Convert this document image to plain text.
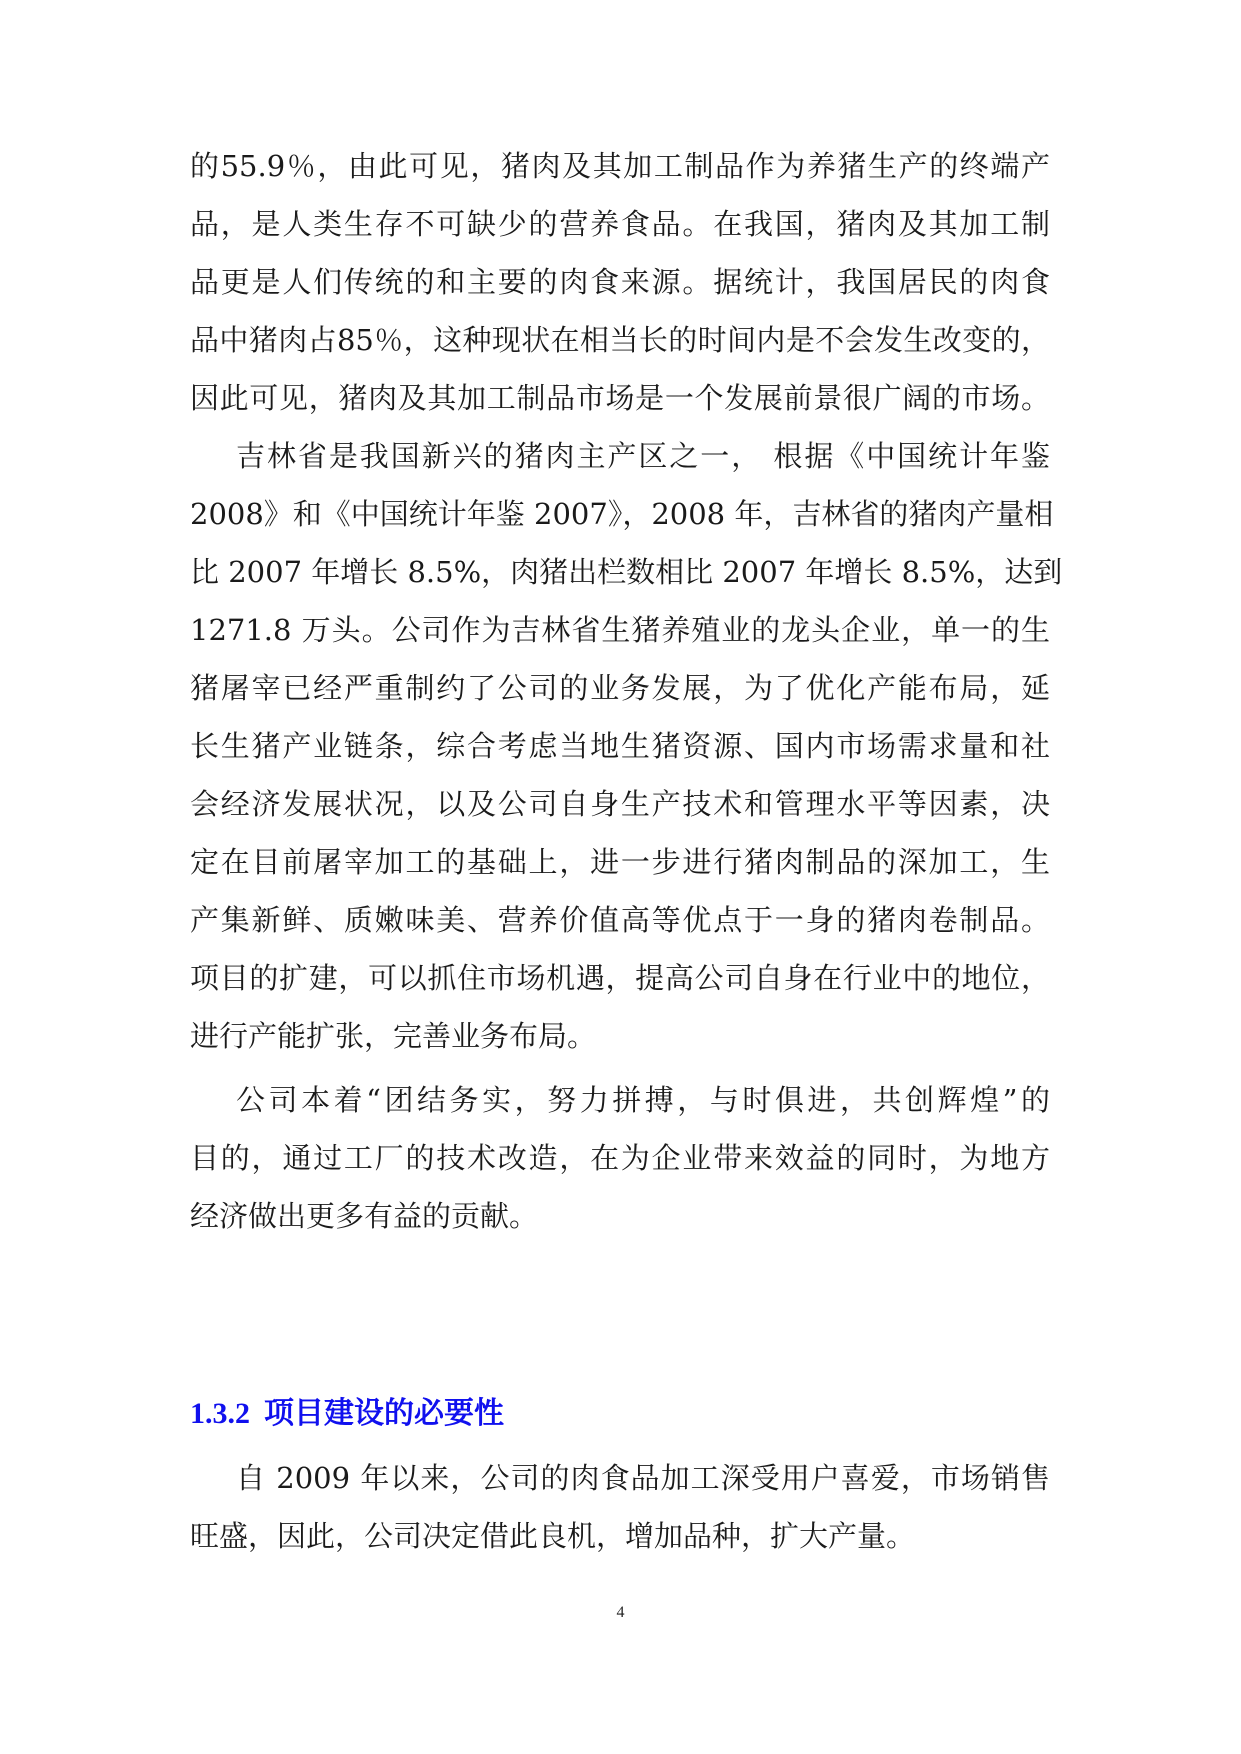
的55.9％，由此可见，猪肉及其加工制品作为养猪生产的终端产
品，是人类生存不可缺少的营养食品。在我国，猪肉及其加工制
品更是人们传统的和主要的肉食来源。据统计，我国居民的肉食
品中猪肉占85％，这种现状在相当长的时间内是不会发生改变的，
因此可见，猪肉及其加工制品市场是一个发展前景很广阔的市场。
吉林省是我国新兴的猪肉主产区之一， 根据《中国统计年鉴
2008》和《中国统计年鉴 2007》，2008 年，吉林省的猪肉产量相
比 2007 年增长 8.5%，肉猪出栏数相比 2007 年增长 8.5%，达到
1271.8 万头。公司作为吉林省生猪养殖业的龙头企业，单一的生
猪屠宰已经严重制约了公司的业务发展，为了优化产能布局，延
长生猪产业链条，综合考虑当地生猪资源、国内市场需求量和社
会经济发展状况，以及公司自身生产技术和管理水平等因素，决
定在目前屠宰加工的基础上，进一步进行猪肉制品的深加工，生
产集新鲜、质嫩味美、营养价值高等优点于一身的猪肉卷制品。
项目的扩建，可以抓住市场机遇，提高公司自身在行业中的地位，
进行产能扩张，完善业务布局。
公司本着“团结务实，努力拼搏，与时俱进，共创辉煌”的
目的，通过工厂的技术改造，在为企业带来效益的同时，为地方
经济做出更多有益的贡献。
1.3.2 项目建设的必要性
自 2009 年以来，公司的肉食品加工深受用户喜爱，市场销售
旺盛，因此，公司决定借此良机，增加品种，扩大产量。
4
